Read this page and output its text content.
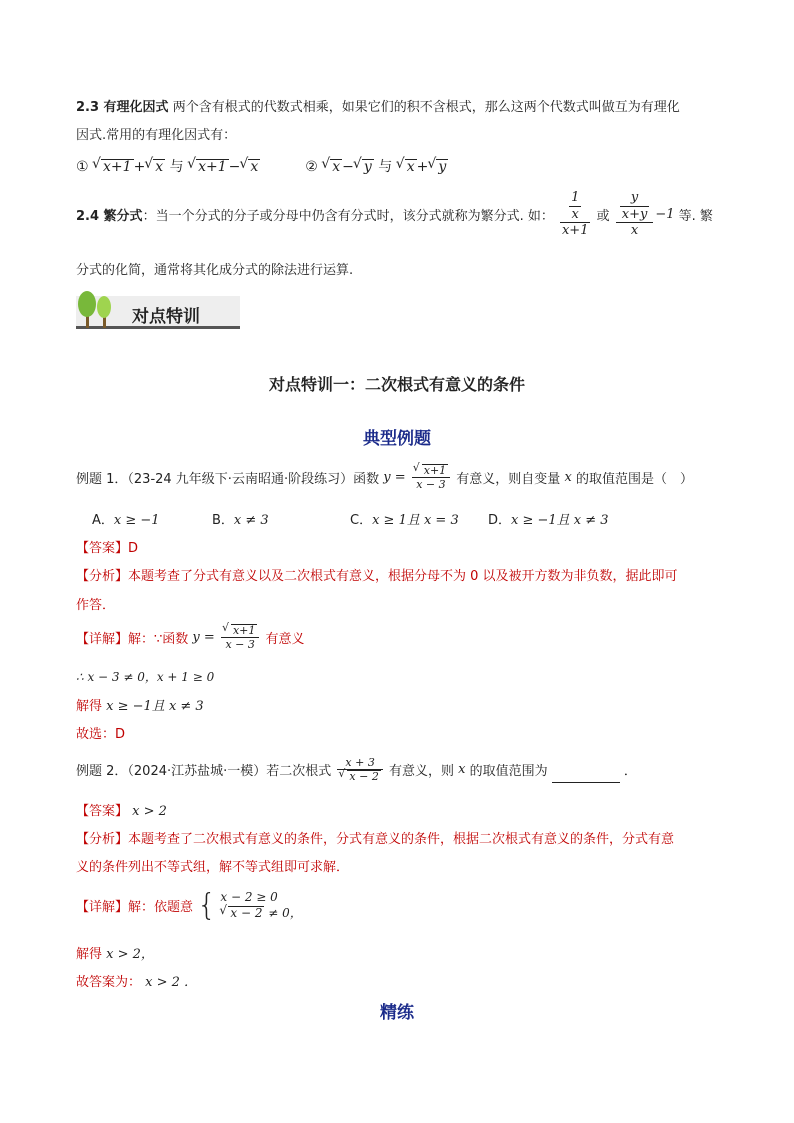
2.3 有理化因式 两个含有根式的代数式相乘，如果它们的积不含根式，那么这两个代数式叫做互为有理化
因式.常用的有理化因式有：
① √ x+1 + √ x 与 √ x+1 − √ x	② √ x − √ y 与 √ x + √ y
2.4 繁分式：当一个分式的分子或分母中仍含有分式时，该分式就称为繁分式. 如： $\frac{\frac{1}{x}}{x+1}$ 或 $\frac{\frac{y}{x+y}}{x} -1$ 等. 繁
分式的化简，通常将其化成分式的除法进行运算.
对点特训
对点特训一：二次根式有意义的条件
典型例题
例题 1．（23-24 九年级下·云南昭通·阶段练习）函数 y = √ $\frac{x+1}{x - 3}$ 有意义，则自变量 x 的取值范围是（　）
A．x ≥ −1	B．x ≠ 3	C．x ≥ 1且 x = 3 D．x ≥ −1且 x ≠ 3
【答案】D
【分析】本题考查了分式有意义以及二次根式有意义，根据分母不为 0 以及被开方数为非负数，据此即可
作答．
【详解】解：∵函数 y = √ $\frac{x+1}{x - 3}$ 有意义
∴ x − 3 ≠ 0，x + 1 ≥ 0
解得 x ≥ −1且 x ≠ 3
故选：D
例题 2．（2024·江苏盐城·一模）若二次根式 x + 3
√ x − 2 有意义，则 x 的取值范围为	．
【答案】 x > 2
【分析】本题考查了二次根式有意义的条件，分式有意义的条件，根据二次根式有意义的条件，分式有意
义的条件列出不等式组，解不等式组即可求解．
【详解】解：依题意 { x − 2 ≥ 0
√ x − 2 ≠ 0，
解得 x > 2，
故答案为： x > 2 ．
精练
